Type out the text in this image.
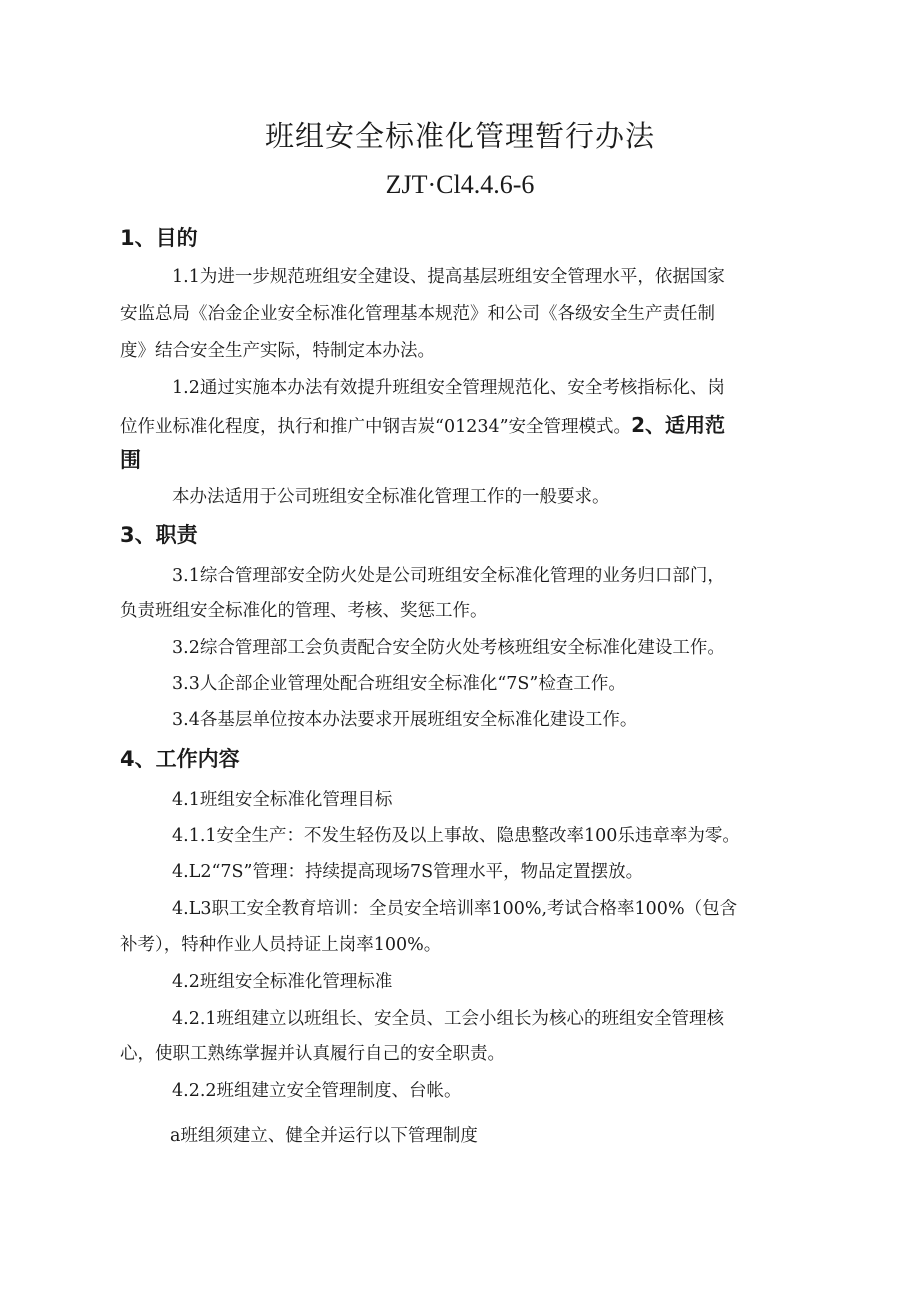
班组安全标准化管理暂行办法
ZJT·Cl4.4.6-6
1、目的
1.1为进一步规范班组安全建设、提高基层班组安全管理水平，依据国家
安监总局《冶金企业安全标准化管理基本规范》和公司《各级安全生产责任制
度》结合安全生产实际，特制定本办法。
1.2通过实施本办法有效提升班组安全管理规范化、安全考核指标化、岗
位作业标准化程度，执行和推广中钢吉炭“01234”安全管理模式。2、适用范
围
本办法适用于公司班组安全标准化管理工作的一般要求。
3、职责
3.1综合管理部安全防火处是公司班组安全标准化管理的业务归口部门，
负责班组安全标准化的管理、考核、奖惩工作。
3.2综合管理部工会负责配合安全防火处考核班组安全标准化建设工作。
3.3人企部企业管理处配合班组安全标准化“7S”检查工作。
3.4各基层单位按本办法要求开展班组安全标准化建设工作。
4、工作内容
4.1班组安全标准化管理目标
4.1.1安全生产：不发生轻伤及以上事故、隐患整改率100乐违章率为零。
4.L2“7S”管理：持续提高现场7S管理水平，物品定置摆放。
4.L3职工安全教育培训：全员安全培训率100%,考试合格率100%（包含
补考），特种作业人员持证上岗率100%。
4.2班组安全标准化管理标准
4.2.1班组建立以班组长、安全员、工会小组长为核心的班组安全管理核
心，使职工熟练掌握并认真履行自己的安全职责。
4.2.2班组建立安全管理制度、台帐。
a班组须建立、健全并运行以下管理制度
